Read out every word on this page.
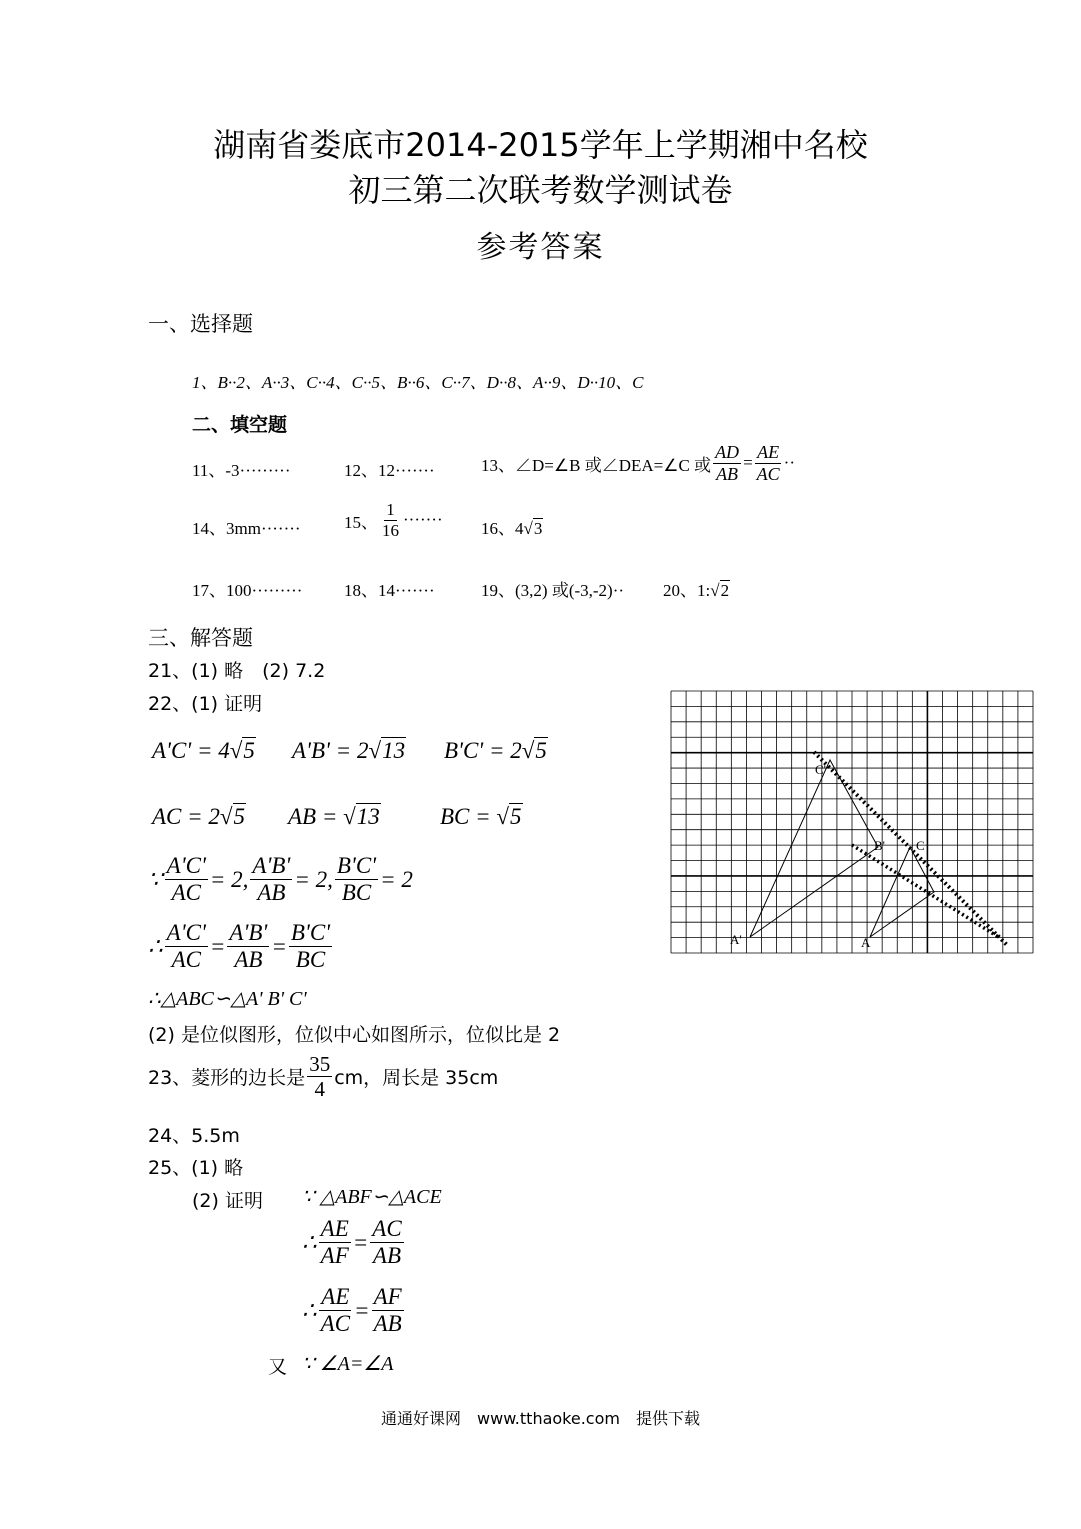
湖南省娄底市2014-2015学年上学期湘中名校
初三第二次联考数学测试卷
参考答案
一、选择题
1、B··2、A··3、C··4、C··5、B··6、C··7、D··8、A··9、D··10、C
二、填空题
11、-3·········	12、12·······	13、∠D=∠B 或∠DEA=∠C 或 $\frac{AD}{AB} = \frac{AE}{AC}$ ··
14、3mm·······	15、 $\frac{1}{16}$ ······· 16、4√3
17、100········· 18、14·······	19、(3,2) 或(-3,-2)·· 20、1:√2
三、解答题
21、(1) 略　(2) 7.2
22、(1) 证明
A'C' = 4√5 A'B' = 2√13 B'C' = 2√5
AC = 2√5 AB = √13	BC = √5
∵ $\frac{A'C'}{AC} = 2$, $\frac{A'B'}{AB} = 2$, $\frac{B'C'}{BC} = 2$
∴ $\frac{A'C'}{AC} = \frac{A'B'}{AB} = \frac{B'C'}{BC}$
∴△ABC∽△A' B' C'
(2) 是位似图形，位似中心如图所示，位似比是 2
23、菱形的边长是 $\frac{35}{4}$ cm，周长是 35cm
24、5.5m
25、(1) 略
(2) 证明 ∵ △ABF∽△ACE
∴ $\frac{AE}{AF} = \frac{AC}{AB}$
∴ $\frac{AE}{AC} = \frac{AF}{AB}$
又 ∵ ∠A=∠A
A'	A
B'
C'
C
通通好课网　www.tthaoke.com　提供下载
